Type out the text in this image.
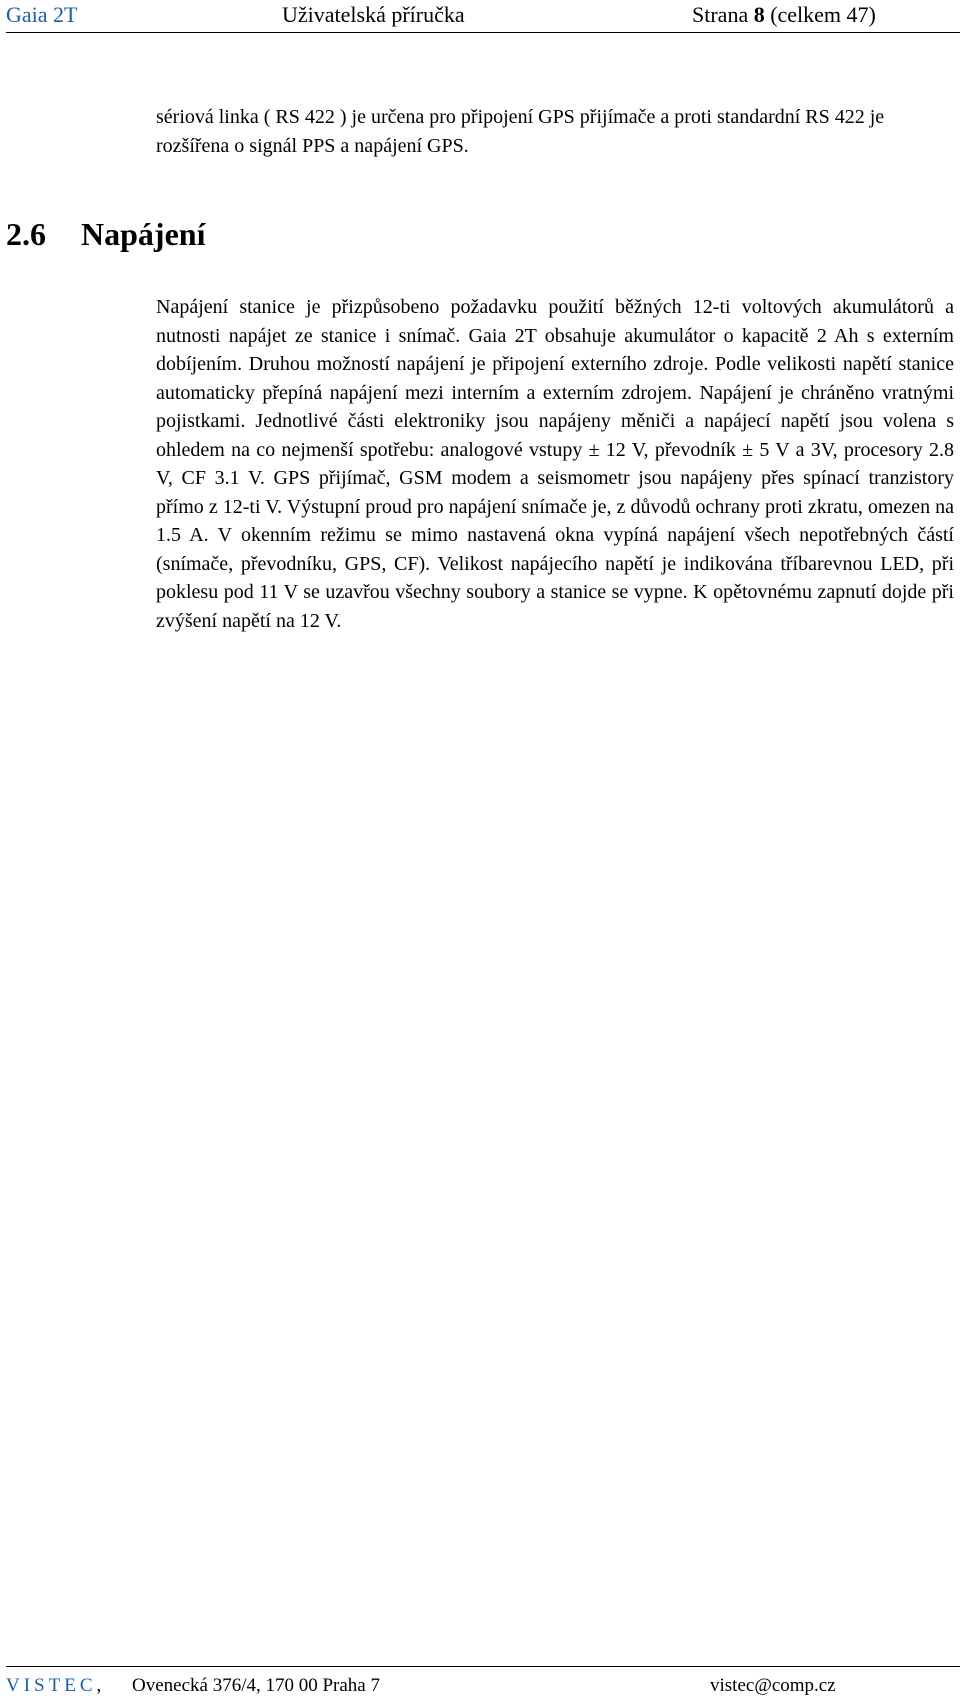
Gaia 2T	Uživatelská příručka	Strana 8 (celkem 47)
sériová linka ( RS 422 ) je určena pro připojení GPS přijímače a proti standardní RS 422 je rozšířena o signál PPS a napájení GPS.
2.6 Napájení
Napájení stanice je přizpůsobeno požadavku použití běžných 12-ti voltových akumulátorů a nutnosti napájet ze stanice i snímač. Gaia 2T obsahuje akumulátor o kapacitě 2 Ah s externím dobíjením. Druhou možností napájení je připojení externího zdroje. Podle velikosti napětí stanice automaticky přepíná napájení mezi interním a externím zdrojem. Napájení je chráněno vratnými pojistkami. Jednotlivé části elektroniky jsou napájeny měniči a napájecí napětí jsou volena s ohledem na co nejmenší spotřebu: analogové vstupy ± 12 V, převodník ± 5 V a 3V, procesory 2.8 V, CF 3.1 V. GPS přijímač, GSM modem a seismometr jsou napájeny přes spínací tranzistory přímo z 12-ti V. Výstupní proud pro napájení snímače je, z důvodů ochrany proti zkratu, omezen na 1.5 A. V okenním režimu se mimo nastavená okna vypíná napájení všech nepotřebných částí (snímače, převodníku, GPS, CF). Velikost napájecího napětí je indikována tříbarevnou LED, při poklesu pod 11 V se uzavřou všechny soubory a stanice se vypne. K opětovnému zapnutí dojde při zvýšení napětí na 12 V.
VISTEC, Ovenecká 376/4, 170 00 Praha 7	vistec@comp.cz
